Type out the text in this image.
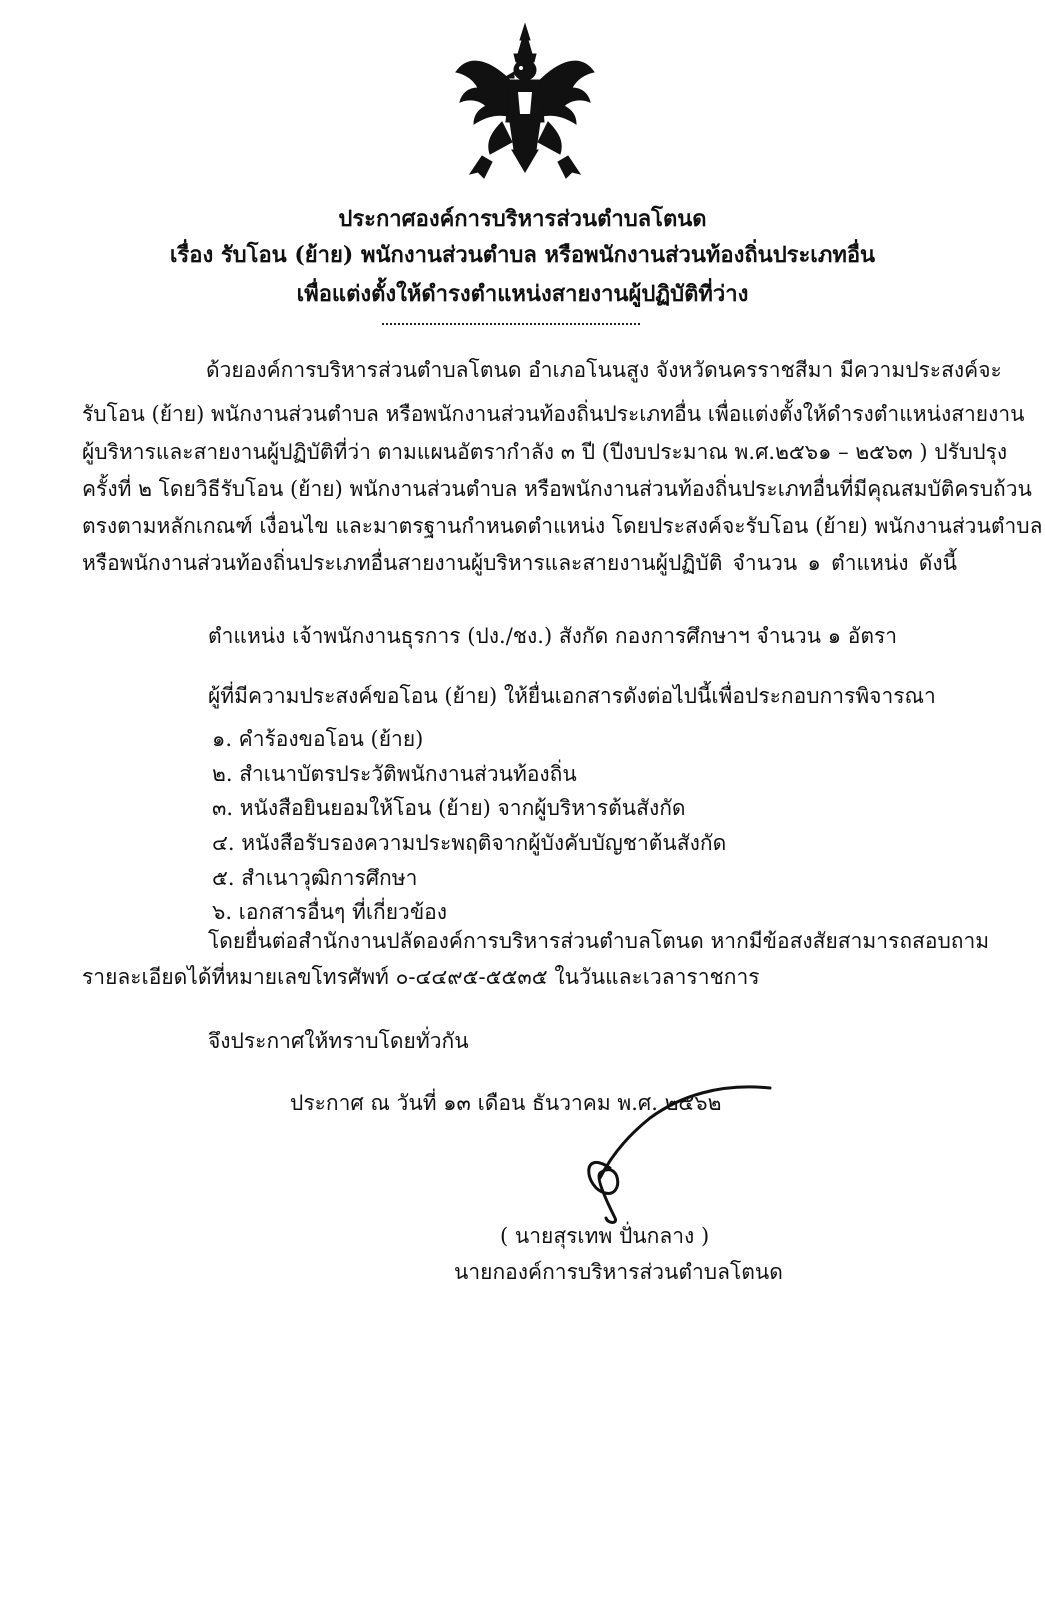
ประกาศองค์การบริหารส่วนตำบลโตนด
เรื่อง รับโอน (ย้าย) พนักงานส่วนตำบล หรือพนักงานส่วนท้องถิ่นประเภทอื่น
เพื่อแต่งตั้งให้ดำรงตำแหน่งสายงานผู้ปฏิบัติที่ว่าง
ด้วยองค์การบริหารส่วนตำบลโตนด อำเภอโนนสูง จังหวัดนครราชสีมา มีความประสงค์จะ
รับโอน (ย้าย) พนักงานส่วนตำบล หรือพนักงานส่วนท้องถิ่นประเภทอื่น เพื่อแต่งตั้งให้ดำรงตำแหน่งสายงาน
ผู้บริหารและสายงานผู้ปฏิบัติที่ว่า ตามแผนอัตรากำลัง ๓ ปี (ปีงบประมาณ พ.ศ.๒๕๖๑ – ๒๕๖๓ ) ปรับปรุง
ครั้งที่ ๒ โดยวิธีรับโอน (ย้าย) พนักงานส่วนตำบล หรือพนักงานส่วนท้องถิ่นประเภทอื่นที่มีคุณสมบัติครบถ้วน
ตรงตามหลักเกณฑ์ เงื่อนไข และมาตรฐานกำหนดตำแหน่ง โดยประสงค์จะรับโอน (ย้าย) พนักงานส่วนตำบล
หรือพนักงานส่วนท้องถิ่นประเภทอื่นสายงานผู้บริหารและสายงานผู้ปฏิบัติ จำนวน ๑ ตำแหน่ง ดังนี้
ตำแหน่ง เจ้าพนักงานธุรการ (ปง./ชง.) สังกัด กองการศึกษาฯ จำนวน ๑ อัตรา
ผู้ที่มีความประสงค์ขอโอน (ย้าย) ให้ยื่นเอกสารดังต่อไปนี้เพื่อประกอบการพิจารณา
๑. คำร้องขอโอน (ย้าย)
๒. สำเนาบัตรประวัติพนักงานส่วนท้องถิ่น
๓. หนังสือยินยอมให้โอน (ย้าย) จากผู้บริหารต้นสังกัด
๔. หนังสือรับรองความประพฤติจากผู้บังคับบัญชาต้นสังกัด
๕. สำเนาวุฒิการศึกษา
๖. เอกสารอื่นๆ ที่เกี่ยวข้อง
โดยยื่นต่อสำนักงานปลัดองค์การบริหารส่วนตำบลโตนด หากมีข้อสงสัยสามารถสอบถาม
รายละเอียดได้ที่หมายเลขโทรศัพท์ ๐-๔๔๙๕-๕๕๓๕ ในวันและเวลาราชการ
จึงประกาศให้ทราบโดยทั่วกัน
ประกาศ ณ วันที่ ๑๓ เดือน ธันวาคม พ.ศ. ๒๕๖๒
( นายสุรเทพ ปั่นกลาง )
นายกองค์การบริหารส่วนตำบลโตนด
